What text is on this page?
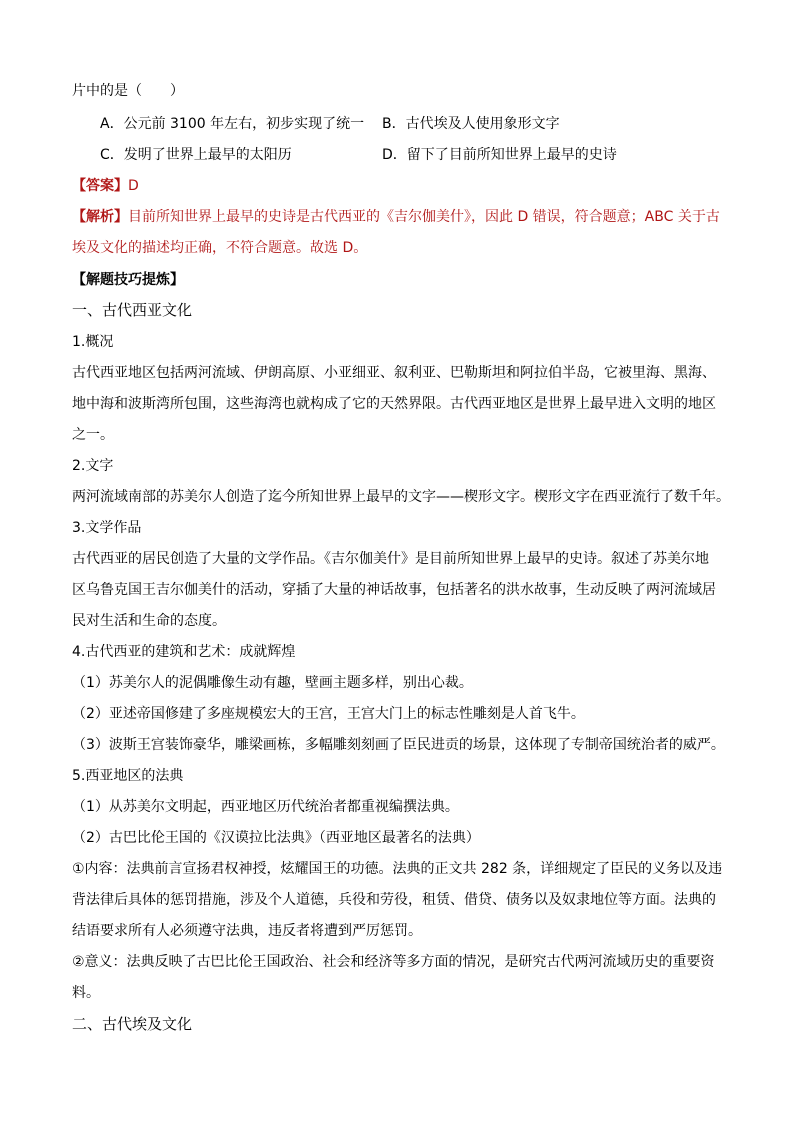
片中的是（　　）
A．公元前 3100 年左右，初步实现了统一 B．古代埃及人使用象形文字
C．发明了世界上最早的太阳历	D．留下了目前所知世界上最早的史诗
【答案】D
【解析】目前所知世界上最早的史诗是古代西亚的《吉尔伽美什》，因此 D 错误，符合题意；ABC 关于古
埃及文化的描述均正确，不符合题意。故选 D。
【解题技巧提炼】
一、古代西亚文化
1.概况
古代西亚地区包括两河流域、伊朗高原、小亚细亚、叙利亚、巴勒斯坦和阿拉伯半岛，它被里海、黑海、
地中海和波斯湾所包围，这些海湾也就构成了它的天然界限。古代西亚地区是世界上最早进入文明的地区
之一。
2.文字
两河流域南部的苏美尔人创造了迄今所知世界上最早的文字——楔形文字。楔形文字在西亚流行了数千年。
3.文学作品
古代西亚的居民创造了大量的文学作品。《吉尔伽美什》是目前所知世界上最早的史诗。叙述了苏美尔地
区乌鲁克国王吉尔伽美什的活动，穿插了大量的神话故事，包括著名的洪水故事，生动反映了两河流域居
民对生活和生命的态度。
4.古代西亚的建筑和艺术：成就辉煌
（1）苏美尔人的泥偶雕像生动有趣，壁画主题多样，别出心裁。
（2）亚述帝国修建了多座规模宏大的王宫，王宫大门上的标志性雕刻是人首飞牛。
（3）波斯王宫装饰豪华，雕梁画栋，多幅雕刻刻画了臣民进贡的场景，这体现了专制帝国统治者的威严。
5.西亚地区的法典
（1）从苏美尔文明起，西亚地区历代统治者都重视编撰法典。
（2）古巴比伦王国的《汉谟拉比法典》（西亚地区最著名的法典）
①内容：法典前言宣扬君权神授，炫耀国王的功德。法典的正文共 282 条，详细规定了臣民的义务以及违
背法律后具体的惩罚措施，涉及个人道德，兵役和劳役，租赁、借贷、债务以及奴隶地位等方面。法典的
结语要求所有人必须遵守法典，违反者将遭到严厉惩罚。
②意义：法典反映了古巴比伦王国政治、社会和经济等多方面的情况，是研究古代两河流域历史的重要资
料。
二、古代埃及文化
